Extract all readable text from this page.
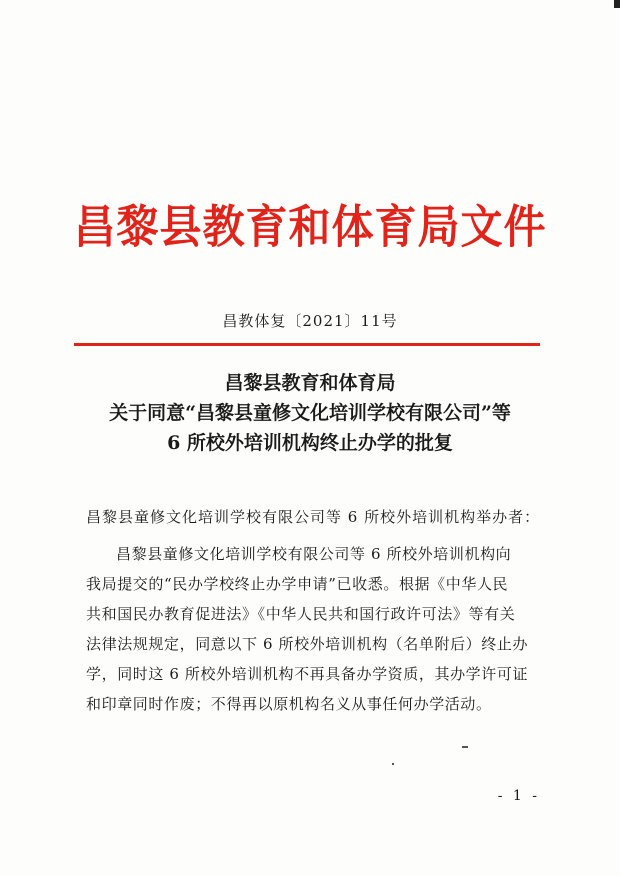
昌黎县教育和体育局文件
昌教体复〔2021〕11号
昌黎县教育和体育局
关于同意“昌黎县童修文化培训学校有限公司”等
6 所校外培训机构终止办学的批复
昌黎县童修文化培训学校有限公司等 6 所校外培训机构举办者：
昌黎县童修文化培训学校有限公司等 6 所校外培训机构向
我局提交的“民办学校终止办学申请”已收悉。根据《中华人民
共和国民办教育促进法》《中华人民共和国行政许可法》等有关
法律法规规定，同意以下 6 所校外培训机构（名单附后）终止办
学，同时这 6 所校外培训机构不再具备办学资质，其办学许可证
和印章同时作废；不得再以原机构名义从事任何办学活动。
- 1 -
